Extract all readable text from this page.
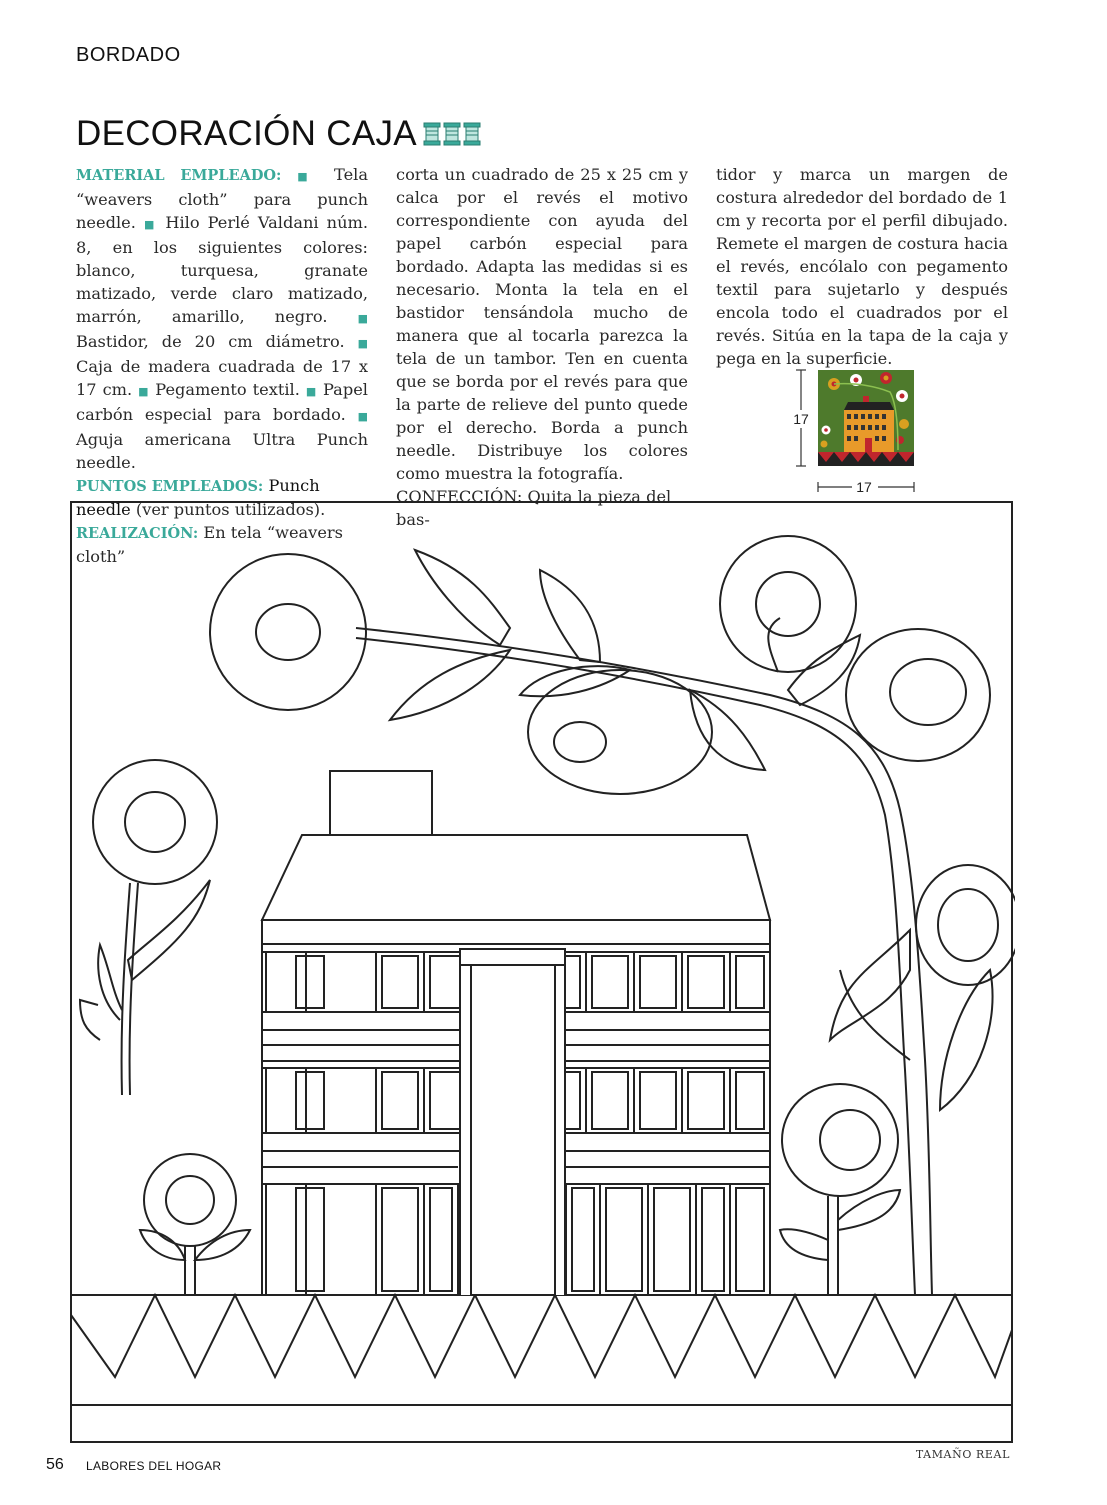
BORDADO
DECORACIÓN CAJA

MATERIAL EMPLEADO: ■ Tela “weavers cloth” para punch needle. ■ Hilo Perlé Valdani núm. 8, en los siguientes colores: blanco, turquesa, granate matizado, verde claro matizado, marrón, amarillo, negro.	■ Bastidor, de 20 cm diámetro. ■ Caja de madera cuadrada de 17 x 17 cm. ■ Pegamento textil. ■ Papel carbón especial para bordado. ■ Aguja americana Ultra Punch needle.

PUNTOS EMPLEADOS: Punch needle (ver puntos utilizados).

REALIZACIÓN: En tela “weavers cloth”

corta un cuadrado de 25 x 25 cm y calca por el revés el motivo correspondiente con ayuda del papel carbón especial para bordado. Adapta las medidas si es necesario. Monta la tela en el bastidor tensándola mucho de manera que al tocarla parezca la tela de un tambor. Ten en cuenta que se borda por el revés para que la parte de relieve del punto quede por el derecho. Borda a punch needle. Distribuye los colores como muestra la fotografía.

CONFECCIÓN: Quita la pieza del bas-

tidor y marca un margen de costura alrededor del bordado de 1 cm y recorta por el perfil dibujado. Remete el margen de costura hacia el revés, encólalo con pegamento textil para sujetarlo y después encola todo el cuadrados por el revés. Sitúa en la tapa de la caja y pega en la superficie.

17
17
56 LABORES DEL HOGAR
TAMAÑO REAL
